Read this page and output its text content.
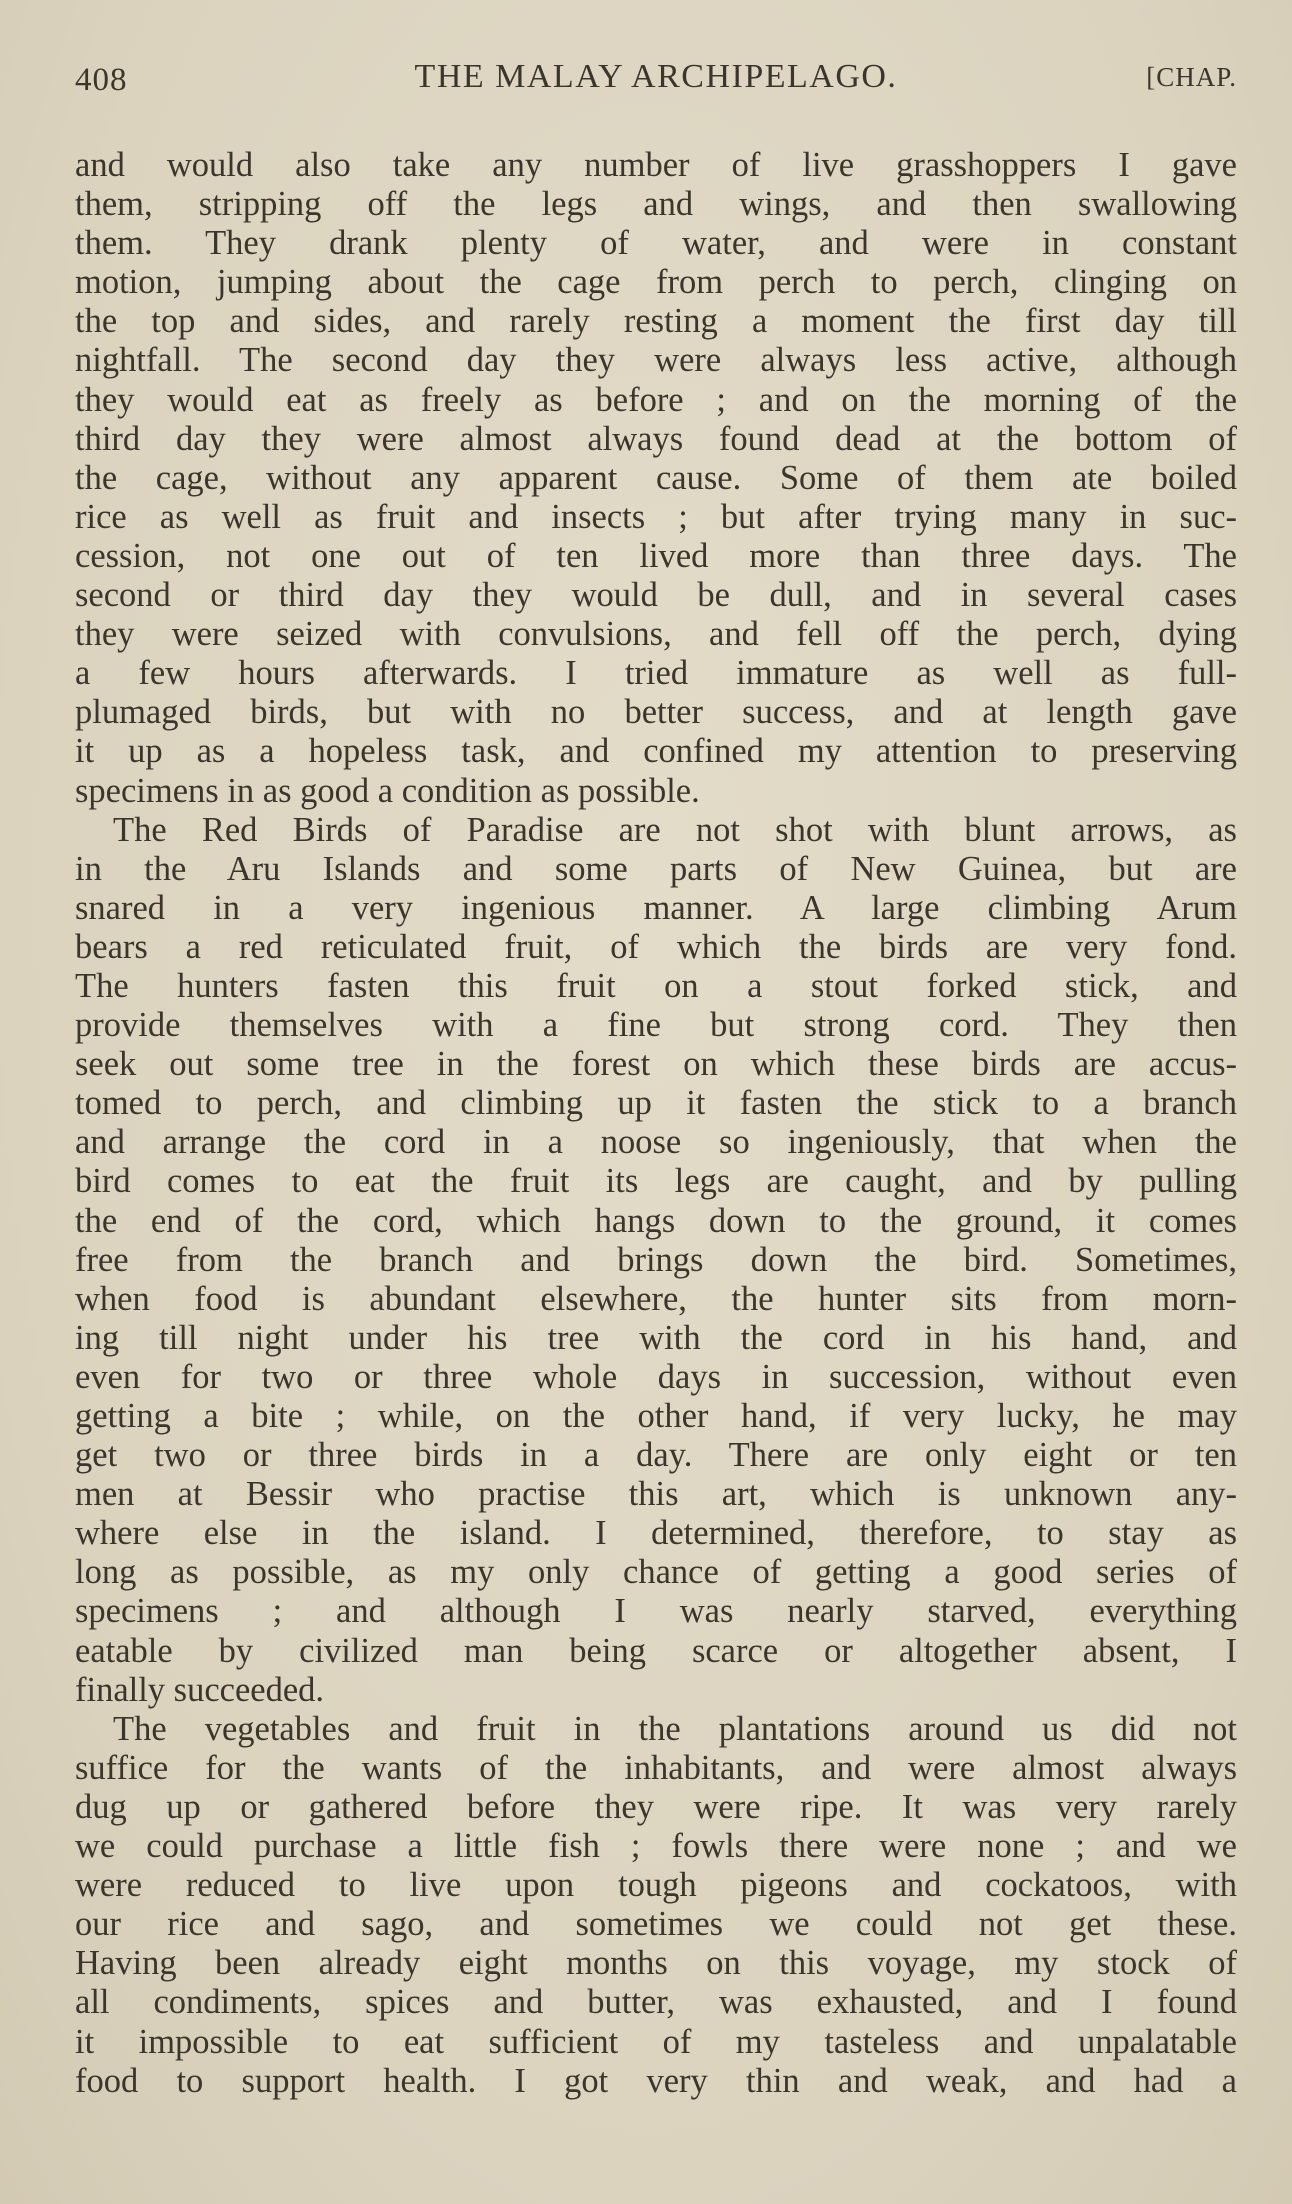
408	THE MALAY ARCHIPELAGO.	[CHAP.
and would also take any number of live grasshoppers I gave
them, stripping off the legs and wings, and then swallowing
them. They drank plenty of water, and were in constant
motion, jumping about the cage from perch to perch, clinging on
the top and sides, and rarely resting a moment the first day till
nightfall. The second day they were always less active, although
they would eat as freely as before ; and on the morning of the
third day they were almost always found dead at the bottom of
the cage, without any apparent cause. Some of them ate boiled
rice as well as fruit and insects ; but after trying many in suc-
cession, not one out of ten lived more than three days. The
second or third day they would be dull, and in several cases
they were seized with convulsions, and fell off the perch, dying
a few hours afterwards. I tried immature as well as full-
plumaged birds, but with no better success, and at length gave
it up as a hopeless task, and confined my attention to preserving
specimens in as good a condition as possible.
The Red Birds of Paradise are not shot with blunt arrows, as
in the Aru Islands and some parts of New Guinea, but are
snared in a very ingenious manner. A large climbing Arum
bears a red reticulated fruit, of which the birds are very fond.
The hunters fasten this fruit on a stout forked stick, and
provide themselves with a fine but strong cord. They then
seek out some tree in the forest on which these birds are accus-
tomed to perch, and climbing up it fasten the stick to a branch
and arrange the cord in a noose so ingeniously, that when the
bird comes to eat the fruit its legs are caught, and by pulling
the end of the cord, which hangs down to the ground, it comes
free from the branch and brings down the bird. Sometimes,
when food is abundant elsewhere, the hunter sits from morn-
ing till night under his tree with the cord in his hand, and
even for two or three whole days in succession, without even
getting a bite ; while, on the other hand, if very lucky, he may
get two or three birds in a day. There are only eight or ten
men at Bessir who practise this art, which is unknown any-
where else in the island. I determined, therefore, to stay as
long as possible, as my only chance of getting a good series of
specimens ; and although I was nearly starved, everything
eatable by civilized man being scarce or altogether absent, I
finally succeeded.
The vegetables and fruit in the plantations around us did not
suffice for the wants of the inhabitants, and were almost always
dug up or gathered before they were ripe. It was very rarely
we could purchase a little fish ; fowls there were none ; and we
were reduced to live upon tough pigeons and cockatoos, with
our rice and sago, and sometimes we could not get these.
Having been already eight months on this voyage, my stock of
all condiments, spices and butter, was exhausted, and I found
it impossible to eat sufficient of my tasteless and unpalatable
food to support health. I got very thin and weak, and had a
